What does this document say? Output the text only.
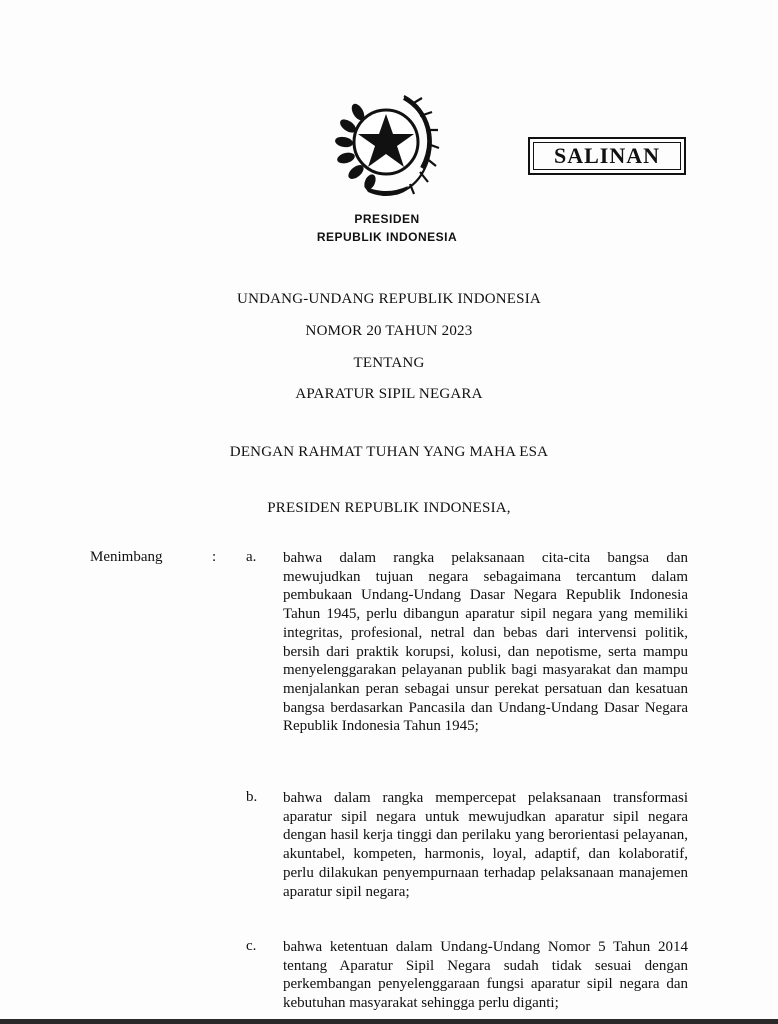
SALINAN
PRESIDEN
REPUBLIK INDONESIA
UNDANG-UNDANG REPUBLIK INDONESIA
NOMOR 20 TAHUN 2023
TENTANG
APARATUR SIPIL NEGARA
DENGAN RAHMAT TUHAN YANG MAHA ESA
PRESIDEN REPUBLIK INDONESIA,
Menimbang	: a. bahwa dalam rangka pelaksanaan cita-cita bangsa dan mewujudkan tujuan negara sebagaimana tercantum dalam pembukaan Undang-Undang Dasar Negara Republik Indonesia Tahun 1945, perlu dibangun aparatur sipil negara yang memiliki integritas, profesional, netral dan bebas dari intervensi politik, bersih dari praktik korupsi, kolusi, dan nepotisme, serta mampu menyelenggarakan pelayanan publik bagi masyarakat dan mampu menjalankan peran sebagai unsur perekat persatuan dan kesatuan bangsa berdasarkan Pancasila dan Undang-Undang Dasar Negara Republik Indonesia Tahun 1945;

b. bahwa dalam rangka mempercepat pelaksanaan transformasi aparatur sipil negara untuk mewujudkan aparatur sipil negara dengan hasil kerja tinggi dan perilaku yang berorientasi pelayanan, akuntabel, kompeten, harmonis, loyal, adaptif, dan kolaboratif, perlu dilakukan penyempurnaan terhadap pelaksanaan manajemen aparatur sipil negara;

c. bahwa ketentuan dalam Undang-Undang Nomor 5 Tahun 2014 tentang Aparatur Sipil Negara sudah tidak sesuai dengan perkembangan penyelenggaraan fungsi aparatur sipil negara dan kebutuhan masyarakat sehingga perlu diganti;
